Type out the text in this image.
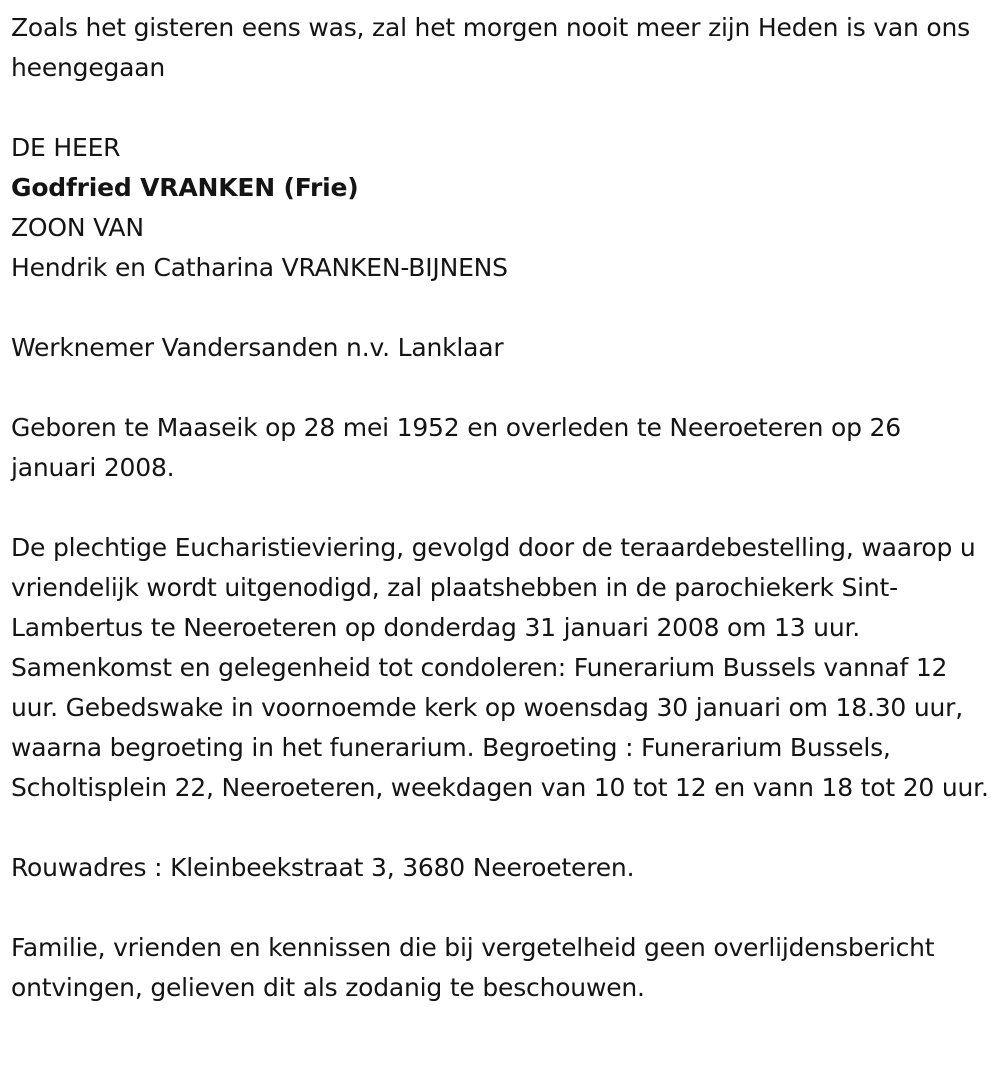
Zoals het gisteren eens was, zal het morgen nooit meer zijn Heden is van ons heengegaan

DE HEER

Godfried VRANKEN (Frie)

ZOON VAN

Hendrik en Catharina VRANKEN-BIJNENS

Werknemer Vandersanden n.v. Lanklaar

Geboren te Maaseik op 28 mei 1952 en overleden te Neeroeteren op 26 januari 2008.

De plechtige Eucharistieviering, gevolgd door de teraardebestelling, waarop u vriendelijk wordt uitgenodigd, zal plaatshebben in de parochiekerk Sint-Lambertus te Neeroeteren op donderdag 31 januari 2008 om 13 uur. Samenkomst en gelegenheid tot condoleren: Funerarium Bussels vannaf 12 uur. Gebedswake in voornoemde kerk op woensdag 30 januari om 18.30 uur, waarna begroeting in het funerarium. Begroeting : Funerarium Bussels, Scholtisplein 22, Neeroeteren, weekdagen van 10 tot 12 en vann 18 tot 20 uur.

Rouwadres : Kleinbeekstraat 3, 3680 Neeroeteren.

Familie, vrienden en kennissen die bij vergetelheid geen overlijdensbericht ontvingen, gelieven dit als zodanig te beschouwen.
